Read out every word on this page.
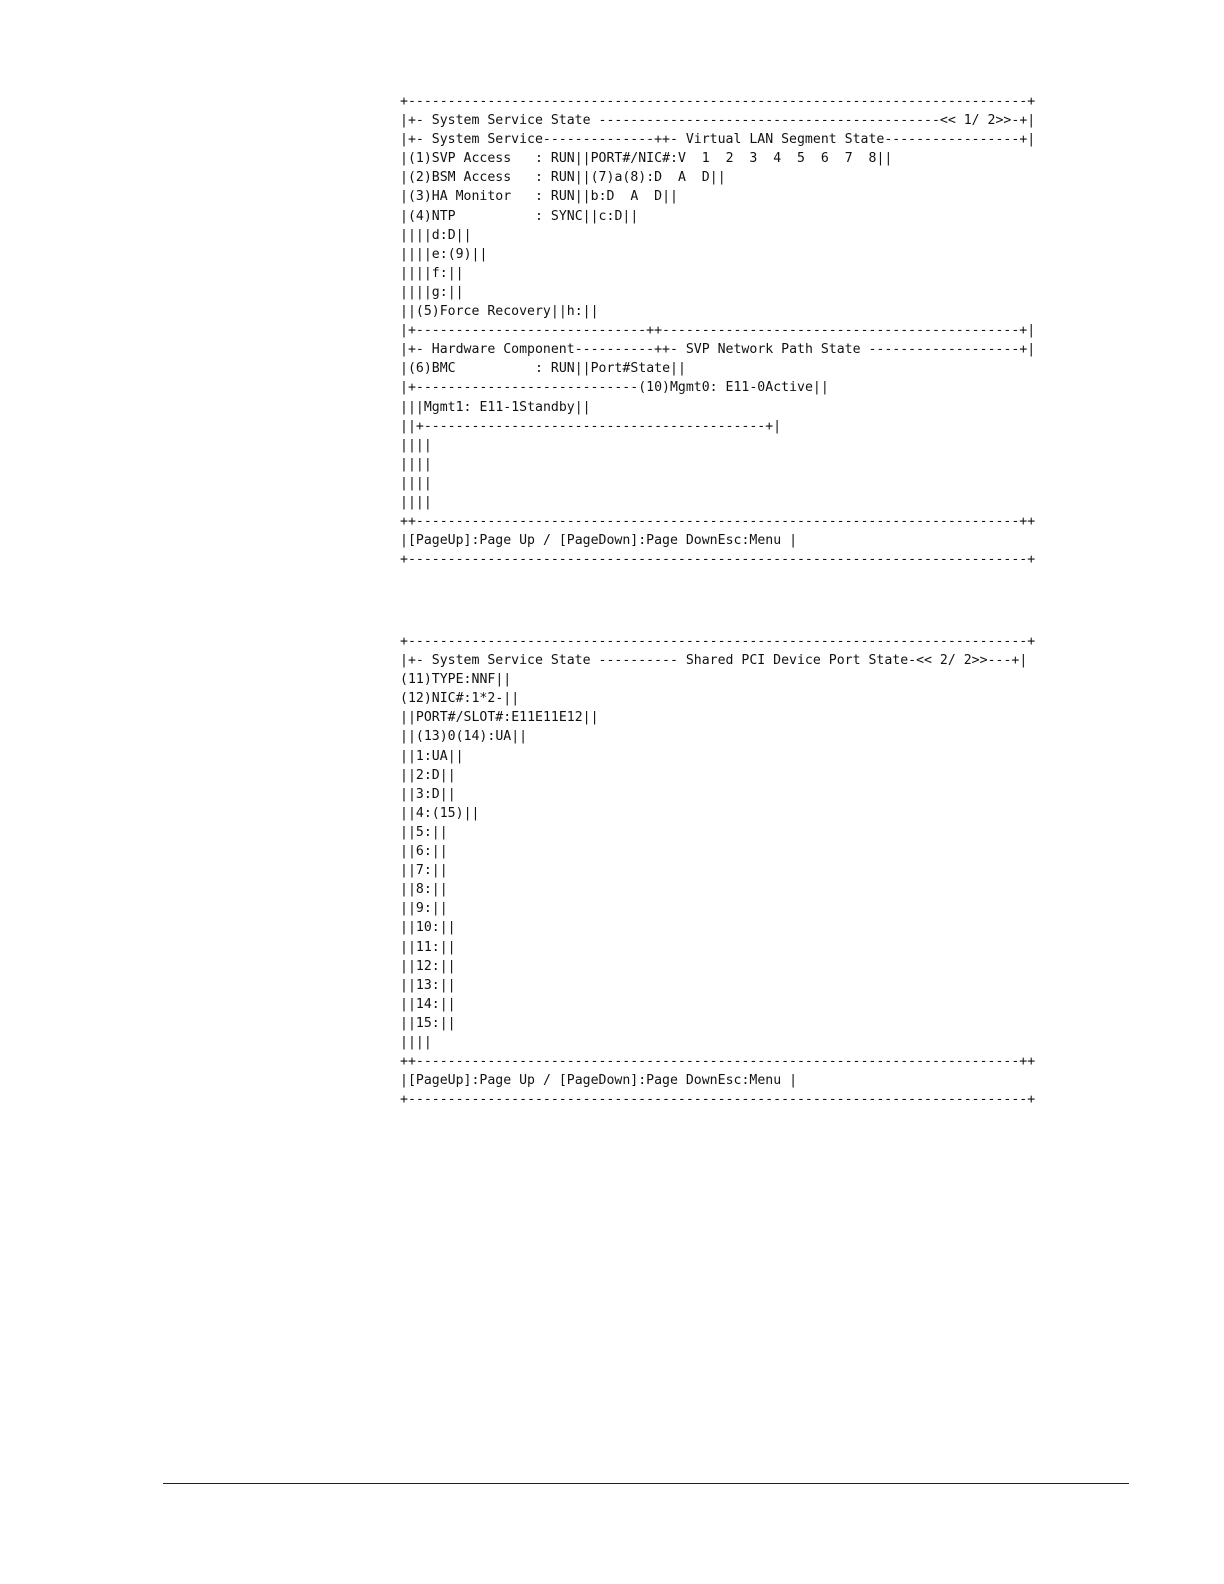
+------------------------------------------------------------------------------+
|+- System Service State -------------------------------------------<< 1/ 2>>-+|
|+- System Service--------------++- Virtual LAN Segment State-----------------+|
|(1)SVP Access   : RUN||PORT#/NIC#:V  1  2  3  4  5  6  7  8||
|(2)BSM Access   : RUN||(7)a(8):D  A  D||
|(3)HA Monitor   : RUN||b:D  A  D||
|(4)NTP          : SYNC||c:D||
||||d:D||
||||e:(9)||
||||f:||
||||g:||
||(5)Force Recovery||h:||
|+-----------------------------++---------------------------------------------+|
|+- Hardware Component----------++- SVP Network Path State -------------------+|
|(6)BMC          : RUN||Port#State||
|+----------------------------(10)Mgmt0: E11-0Active||
|||Mgmt1: E11-1Standby||
||+-------------------------------------------+|
||||
||||
||||
||||
++----------------------------------------------------------------------------++
|[PageUp]:Page Up / [PageDown]:Page DownEsc:Menu |
+------------------------------------------------------------------------------+
+------------------------------------------------------------------------------+
|+- System Service State ---------- Shared PCI Device Port State-<< 2/ 2>>---+|
(11)TYPE:NNF||
(12)NIC#:1*2-||
||PORT#/SLOT#:E11E11E12||
||(13)0(14):UA||
||1:UA||
||2:D||
||3:D||
||4:(15)||
||5:||
||6:||
||7:||
||8:||
||9:||
||10:||
||11:||
||12:||
||13:||
||14:||
||15:||
||||
++----------------------------------------------------------------------------++
|[PageUp]:Page Up / [PageDown]:Page DownEsc:Menu |
+------------------------------------------------------------------------------+
